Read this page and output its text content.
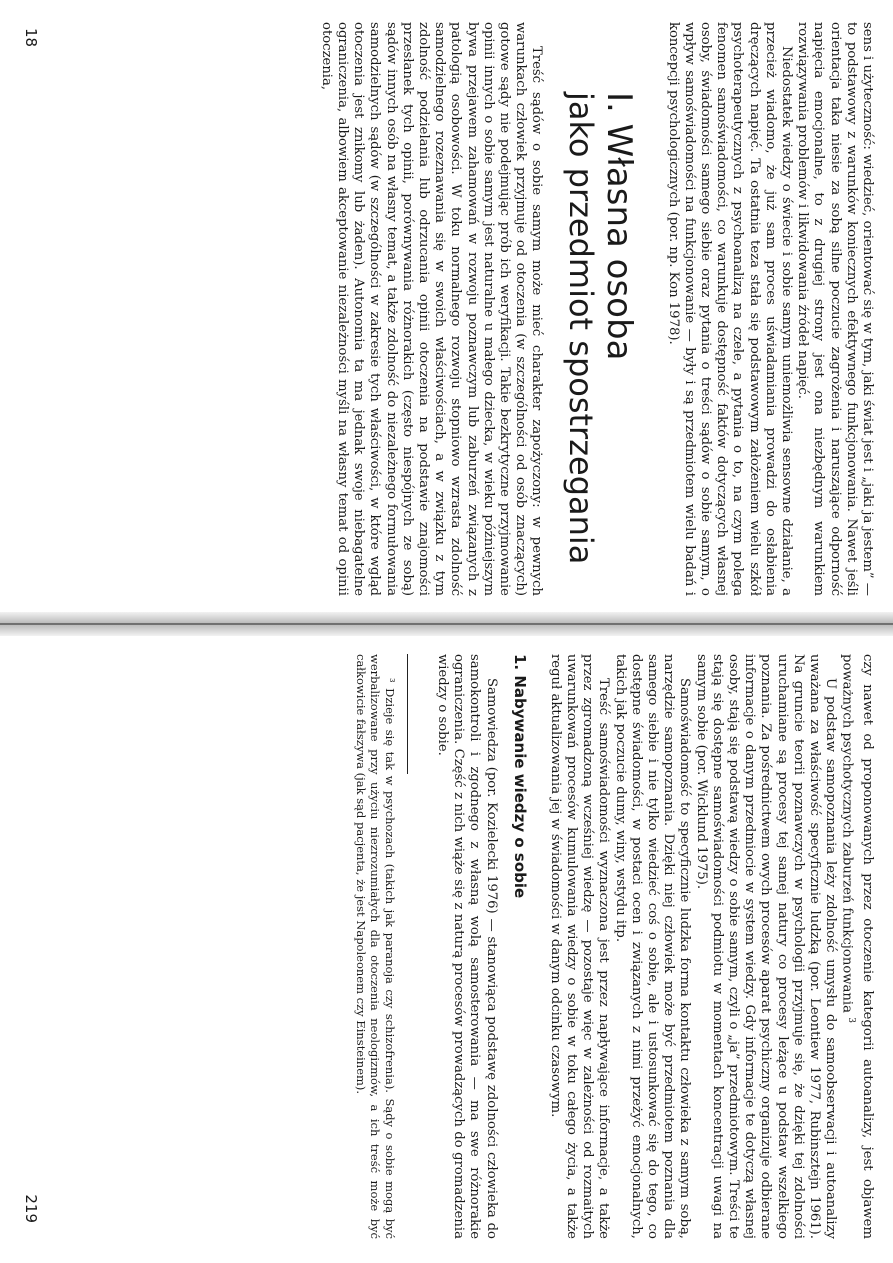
sens i użyteczność: wiedzieć, orientować się w tym, jaki świat jest i „jaki ja jestem” — to podstawowy z warunków koniecznych efektywnego funkcjonowania. Nawet jeśli orientacja taka niesie za sobą silne poczucie zagrożenia i naruszające odporność napięcia emocjonalne, to z drugiej strony jest ona niezbędnym warunkiem rozwiązywania problemów i likwidowania źródeł napięć.

Niedostatek wiedzy o świecie i sobie samym uniemożliwia sensowne działanie, a przecież wiadomo, że już sam proces uświadamiania prowadzi do osłabienia dręczących napięć. Ta ostatnia teza stała się podstawowym założeniem wielu szkół psychoterapeutycznych z psychoanalizą na czele, a pytania o to, na czym polega fenomen samoświadomości, co warunkuje dostępność faktów dotyczących własnej osoby, świadomości samego siebie oraz pytania o treści sądów o sobie samym, o wpływ samoświadomości na funkcjonowanie — były i są przedmiotem wielu badań i koncepcji psychologicznych (por. np. Kon 1978).

I. Własna osoba
jako przedmiot spostrzegania

Treść sądów o sobie samym może mieć charakter zapożyczony: w pewnych warunkach człowiek przyjmuje od otoczenia (w szczególności od osób znaczących) gotowe sądy nie podejmując prób ich weryfikacji. Takie bezkrytyczne przyjmowanie opinii innych o sobie samym jest naturalne u małego dziecka, w wieku późniejszym bywa przejawem zahamowań w rozwoju poznawczym lub zaburzeń związanych z patologią osobowości. W toku normalnego rozwoju stopniowo wzrasta zdolność samodzielnego rozeznawania się w swoich właściwościach, a w związku z tym zdolność podzielania lub odrzucania opinii otoczenia na podstawie znajomości przesłanek tych opinii, porównywania różnorakich (często niespójnych ze sobą) sądów innych osób na własny temat, a także zdolność do niezależnego formułowania samodzielnych sądów (w szczególności w zakresie tych właściwości, w które wgląd otoczenia jest znikomy lub żaden). Autonomia ta ma jednak swoje niebagatelne ograniczenia, albowiem akceptowanie niezależności myśli na własny temat od opinii otoczenia,

18

czy nawet od proponowanych przez otoczenie kategorii autoanalizy, jest objawem poważnych psychotycznych zaburzeń funkcjonowania $^3$

U podstaw samopoznania leży zdolność umysłu do samoobserwacji i autoanalizy uważana za właściwość specyficznie ludzką (por. Leontiew 1977, Rubinsztejn 1961). Na gruncie teorii poznawczych w psychologii przyjmuje się, że dzięki tej zdolności uruchamiane są procesy tej samej natury co procesy leżące u podstaw wszelkiego poznania. Za pośrednictwem owych procesów aparat psychiczny organizuje odbierane informacje o danym przedmiocie w system wiedzy. Gdy informacje te dotyczą własnej osoby, stają się podstawą wiedzy o sobie samym, czyli o „ja” przedmiotowym. Treści te stają się dostępne samoświadomości podmiotu w momentach koncentracji uwagi na samym sobie (por. Wicklund 1975).

Samoświadomość to specyficznie ludzka forma kontaktu człowieka z samym sobą, narzędzie samopoznania. Dzięki niej człowiek może być przedmiotem poznania dla samego siebie i nie tylko wiedzieć coś o sobie, ale i ustosunkować się do tego, co dostępne świadomości, w postaci ocen i związanych z nimi przeżyć emocjonalnych, takich jak poczucie dumy, winy, wstydu itp.

Treść samoświadomości wyznaczona jest przez napływające informacje, a także przez zgromadzoną wcześniej wiedzę — pozostaje więc w zależności od rozmaitych uwarunkowań procesów kumulowania wiedzy o sobie w toku całego życia, a także reguł aktualizowania jej w świadomości w danym odcinku czasowym.

1. Nabywanie wiedzy o sobie

Samowiedza (por. Kozielecki 1976) — stanowiąca podstawę zdolności człowieka do samokontroli i zgodnego z własną wolą samosterowania — ma swe różnorakie ograniczenia. Część z nich wiąże się z naturą procesów prowadzących do gromadzenia wiedzy o sobie.

³ Dzieje się tak w psychozach (takich jak paranoja czy schizofrenia). Sądy o sobie mogą być werbalizowane przy użyciu niezrozumiałych dla otoczenia neologizmów, a ich treść może być całkowicie fałszywa (jak sąd pacjenta, że jest Napoleonem czy Einsteinem).

219
